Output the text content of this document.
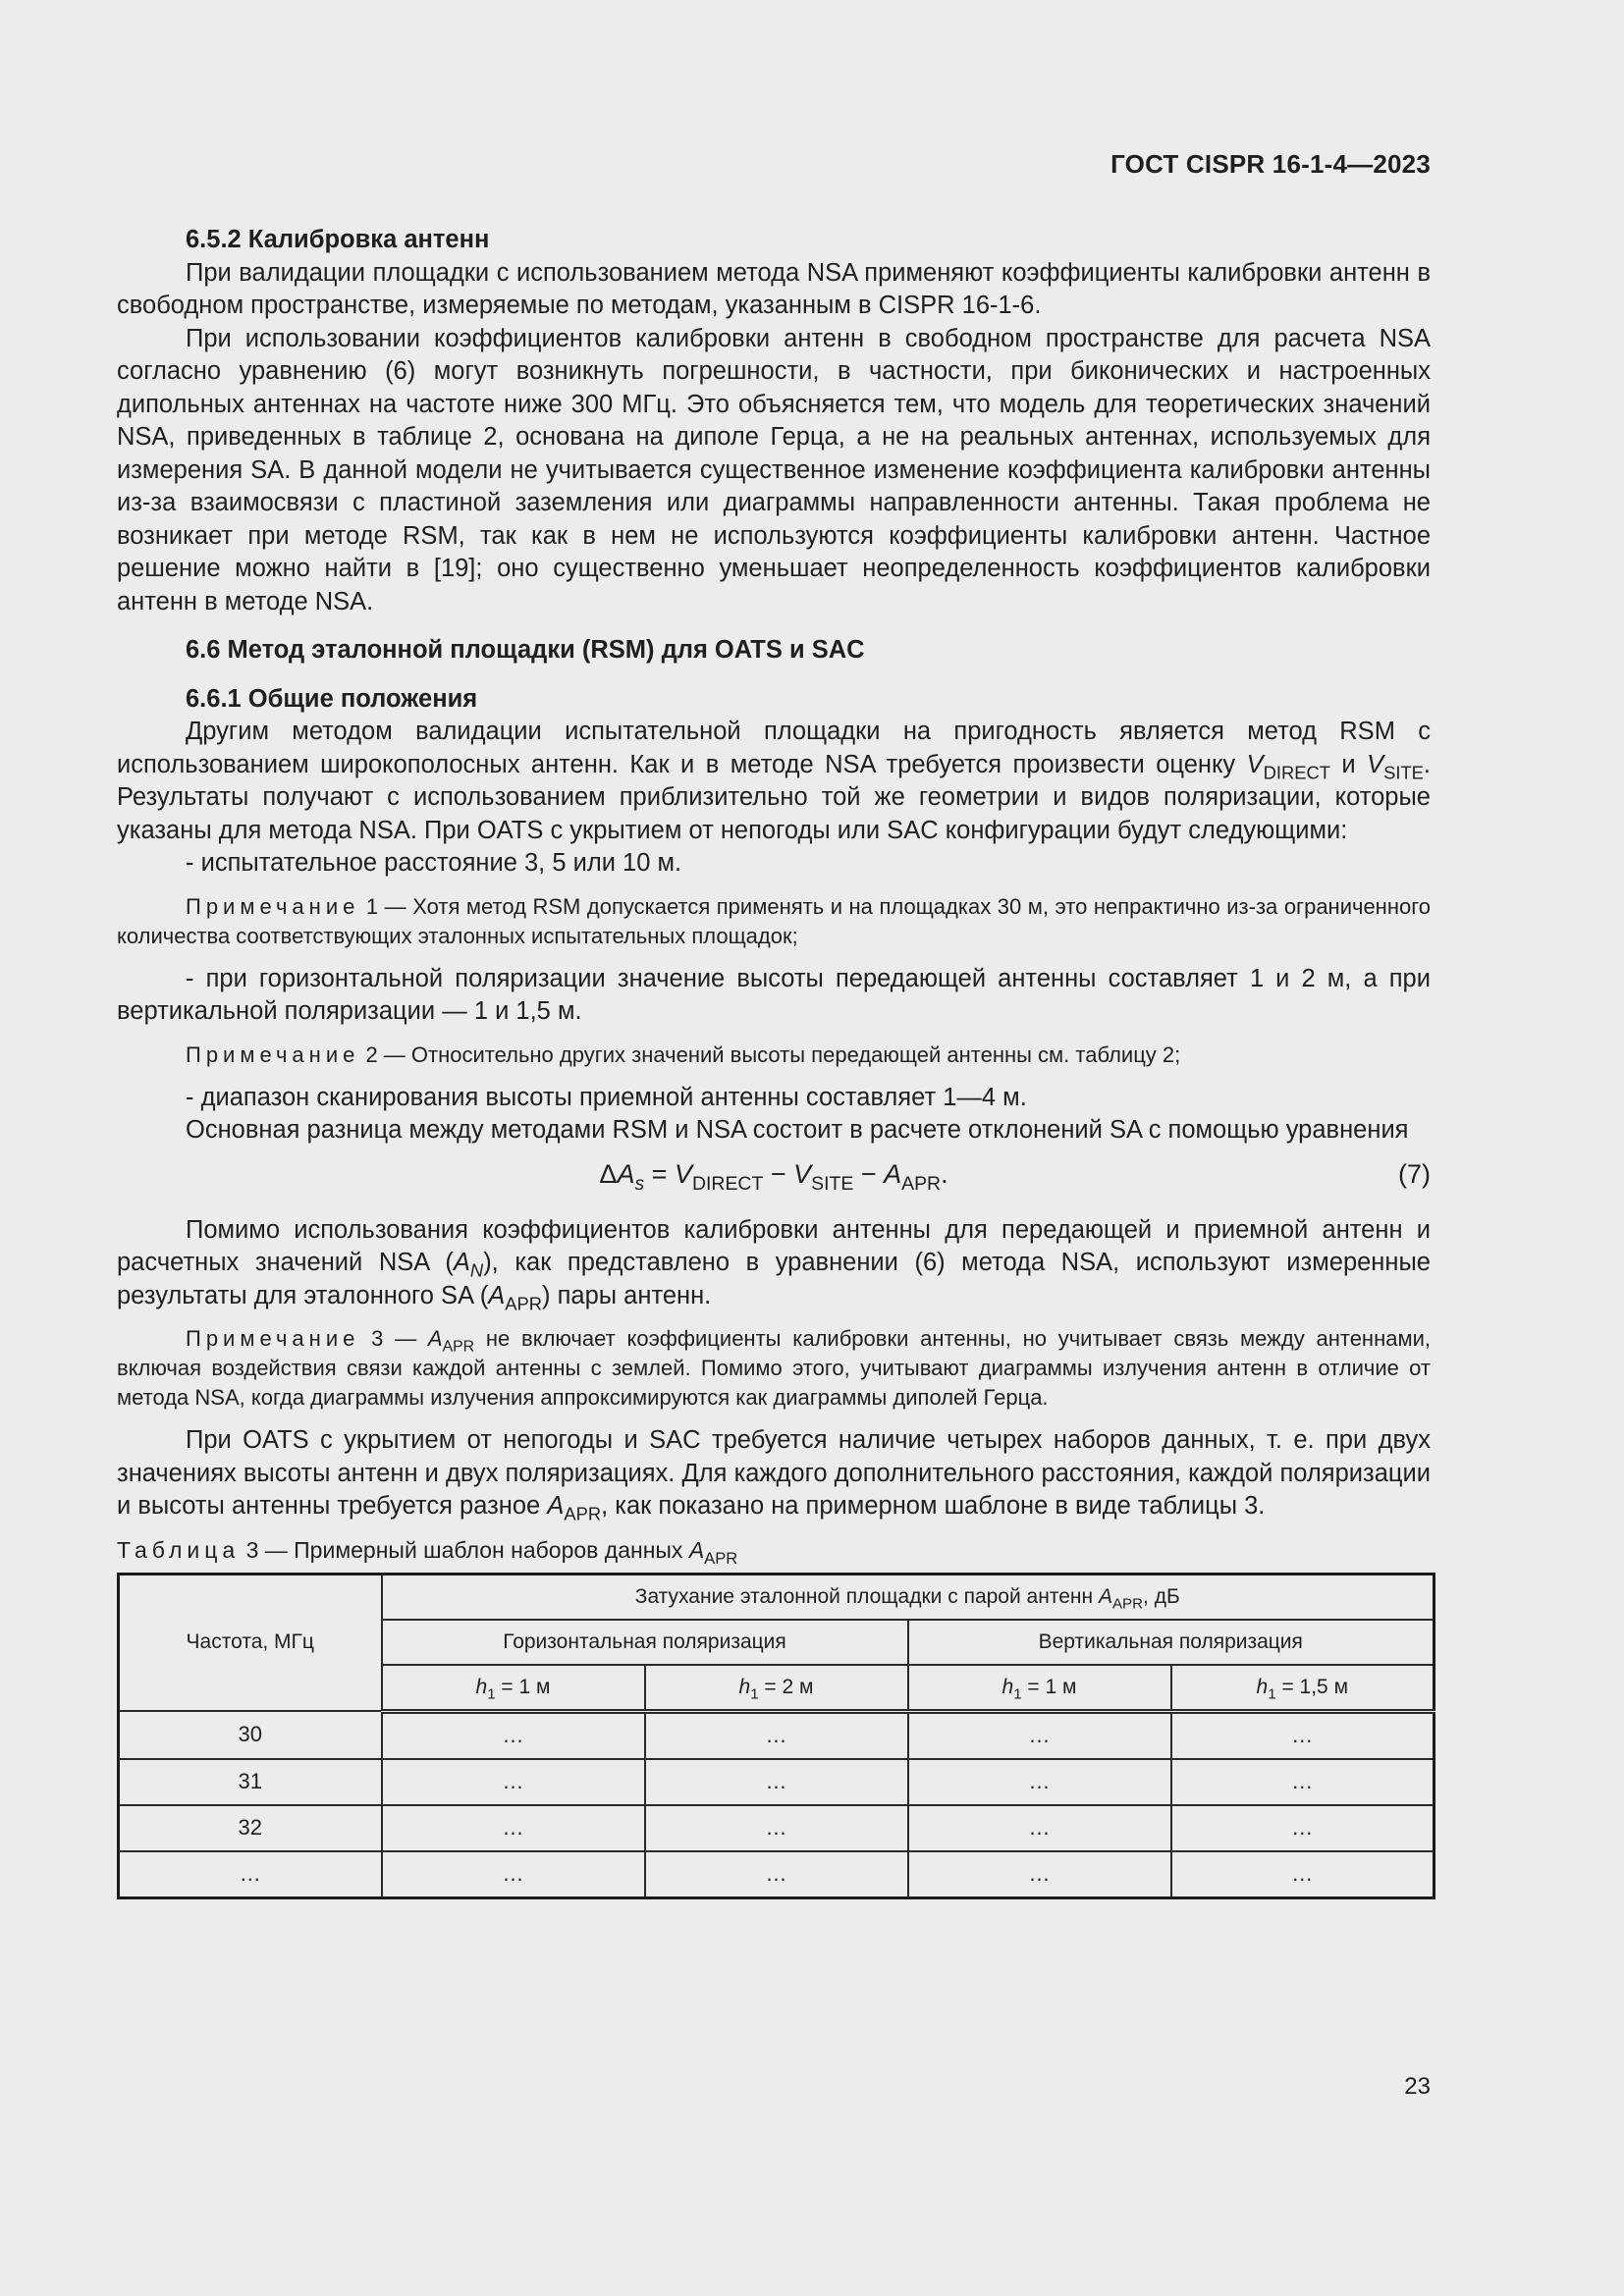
ГОСТ CISPR 16-1-4—2023
6.5.2 Калибровка антенн

При валидации площадки с использованием метода NSA применяют коэффициенты калибровки антенн в свободном пространстве, измеряемые по методам, указанным в CISPR 16-1-6.

При использовании коэффициентов калибровки антенн в свободном пространстве для расчета NSA согласно уравнению (6) могут возникнуть погрешности, в частности, при биконических и настроенных дипольных антеннах на частоте ниже 300 МГц. Это объясняется тем, что модель для теоретических значений NSA, приведенных в таблице 2, основана на диполе Герца, а не на реальных антеннах, используемых для измерения SA. В данной модели не учитывается существенное изменение коэффициента калибровки антенны из-за взаимосвязи с пластиной заземления или диаграммы направленности антенны. Такая проблема не возникает при методе RSM, так как в нем не используются коэффициенты калибровки антенн. Частное решение можно найти в [19]; оно существенно уменьшает неопределенность коэффициентов калибровки антенн в методе NSA.

6.6 Метод эталонной площадки (RSM) для OATS и SAC
6.6.1 Общие положения

Другим методом валидации испытательной площадки на пригодность является метод RSM с использованием широкополосных антенн. Как и в методе NSA требуется произвести оценку $V_{DIRECT}$ и $V_{SITE}$. Результаты получают с использованием приблизительно той же геометрии и видов поляризации, которые указаны для метода NSA. При OATS с укрытием от непогоды или SAC конфигурации будут следующими:

- испытательное расстояние 3, 5 или 10 м.

Примечание 1 — Хотя метод RSM допускается применять и на площадках 30 м, это непрактично из-за ограниченного количества соответствующих эталонных испытательных площадок;

- при горизонтальной поляризации значение высоты передающей антенны составляет 1 и 2 м, а при вертикальной поляризации — 1 и 1,5 м.

Примечание 2 — Относительно других значений высоты передающей антенны см. таблицу 2;

- диапазон сканирования высоты приемной антенны составляет 1—4 м.

Основная разница между методами RSM и NSA состоит в расчете отклонений SA с помощью уравнения

$\Delta A_s = V_{DIRECT} - V_{SITE} - A_{APR}$.	(7)

Помимо использования коэффициентов калибровки антенны для передающей и приемной антенн и расчетных значений NSA $(A_N)$, как представлено в уравнении (6) метода NSA, используют измеренные результаты для эталонного SA $(A_{APR})$ пары антенн.

Примечание 3 — $A_{APR}$ не включает коэффициенты калибровки антенны, но учитывает связь между антеннами, включая воздействия связи каждой антенны с землей. Помимо этого, учитывают диаграммы излучения антенн в отличие от метода NSA, когда диаграммы излучения аппроксимируются как диаграммы диполей Герца.

При OATS с укрытием от непогоды и SAC требуется наличие четырех наборов данных, т. е. при двух значениях высоты антенн и двух поляризациях. Для каждого дополнительного расстояния, каждой поляризации и высоты антенны требуется разное $A_{APR}$, как показано на примерном шаблоне в виде таблицы 3.

Таблица 3 — Примерный шаблон наборов данных $A_{APR}$

Частота, МГц	Затухание эталонной площадки с парой антенн $A_{APR}$, дБ			
	Горизонтальная поляризация		Вертикальная поляризация	
	$h_1 = 1$ м	$h_1 = 2$ м	$h_1 = 1$ м	$h_1 = 1,5$ м
30	…	…	…	…
31	…	…	…	…
32	…	…	…	…
…	…	…	…	…
23
